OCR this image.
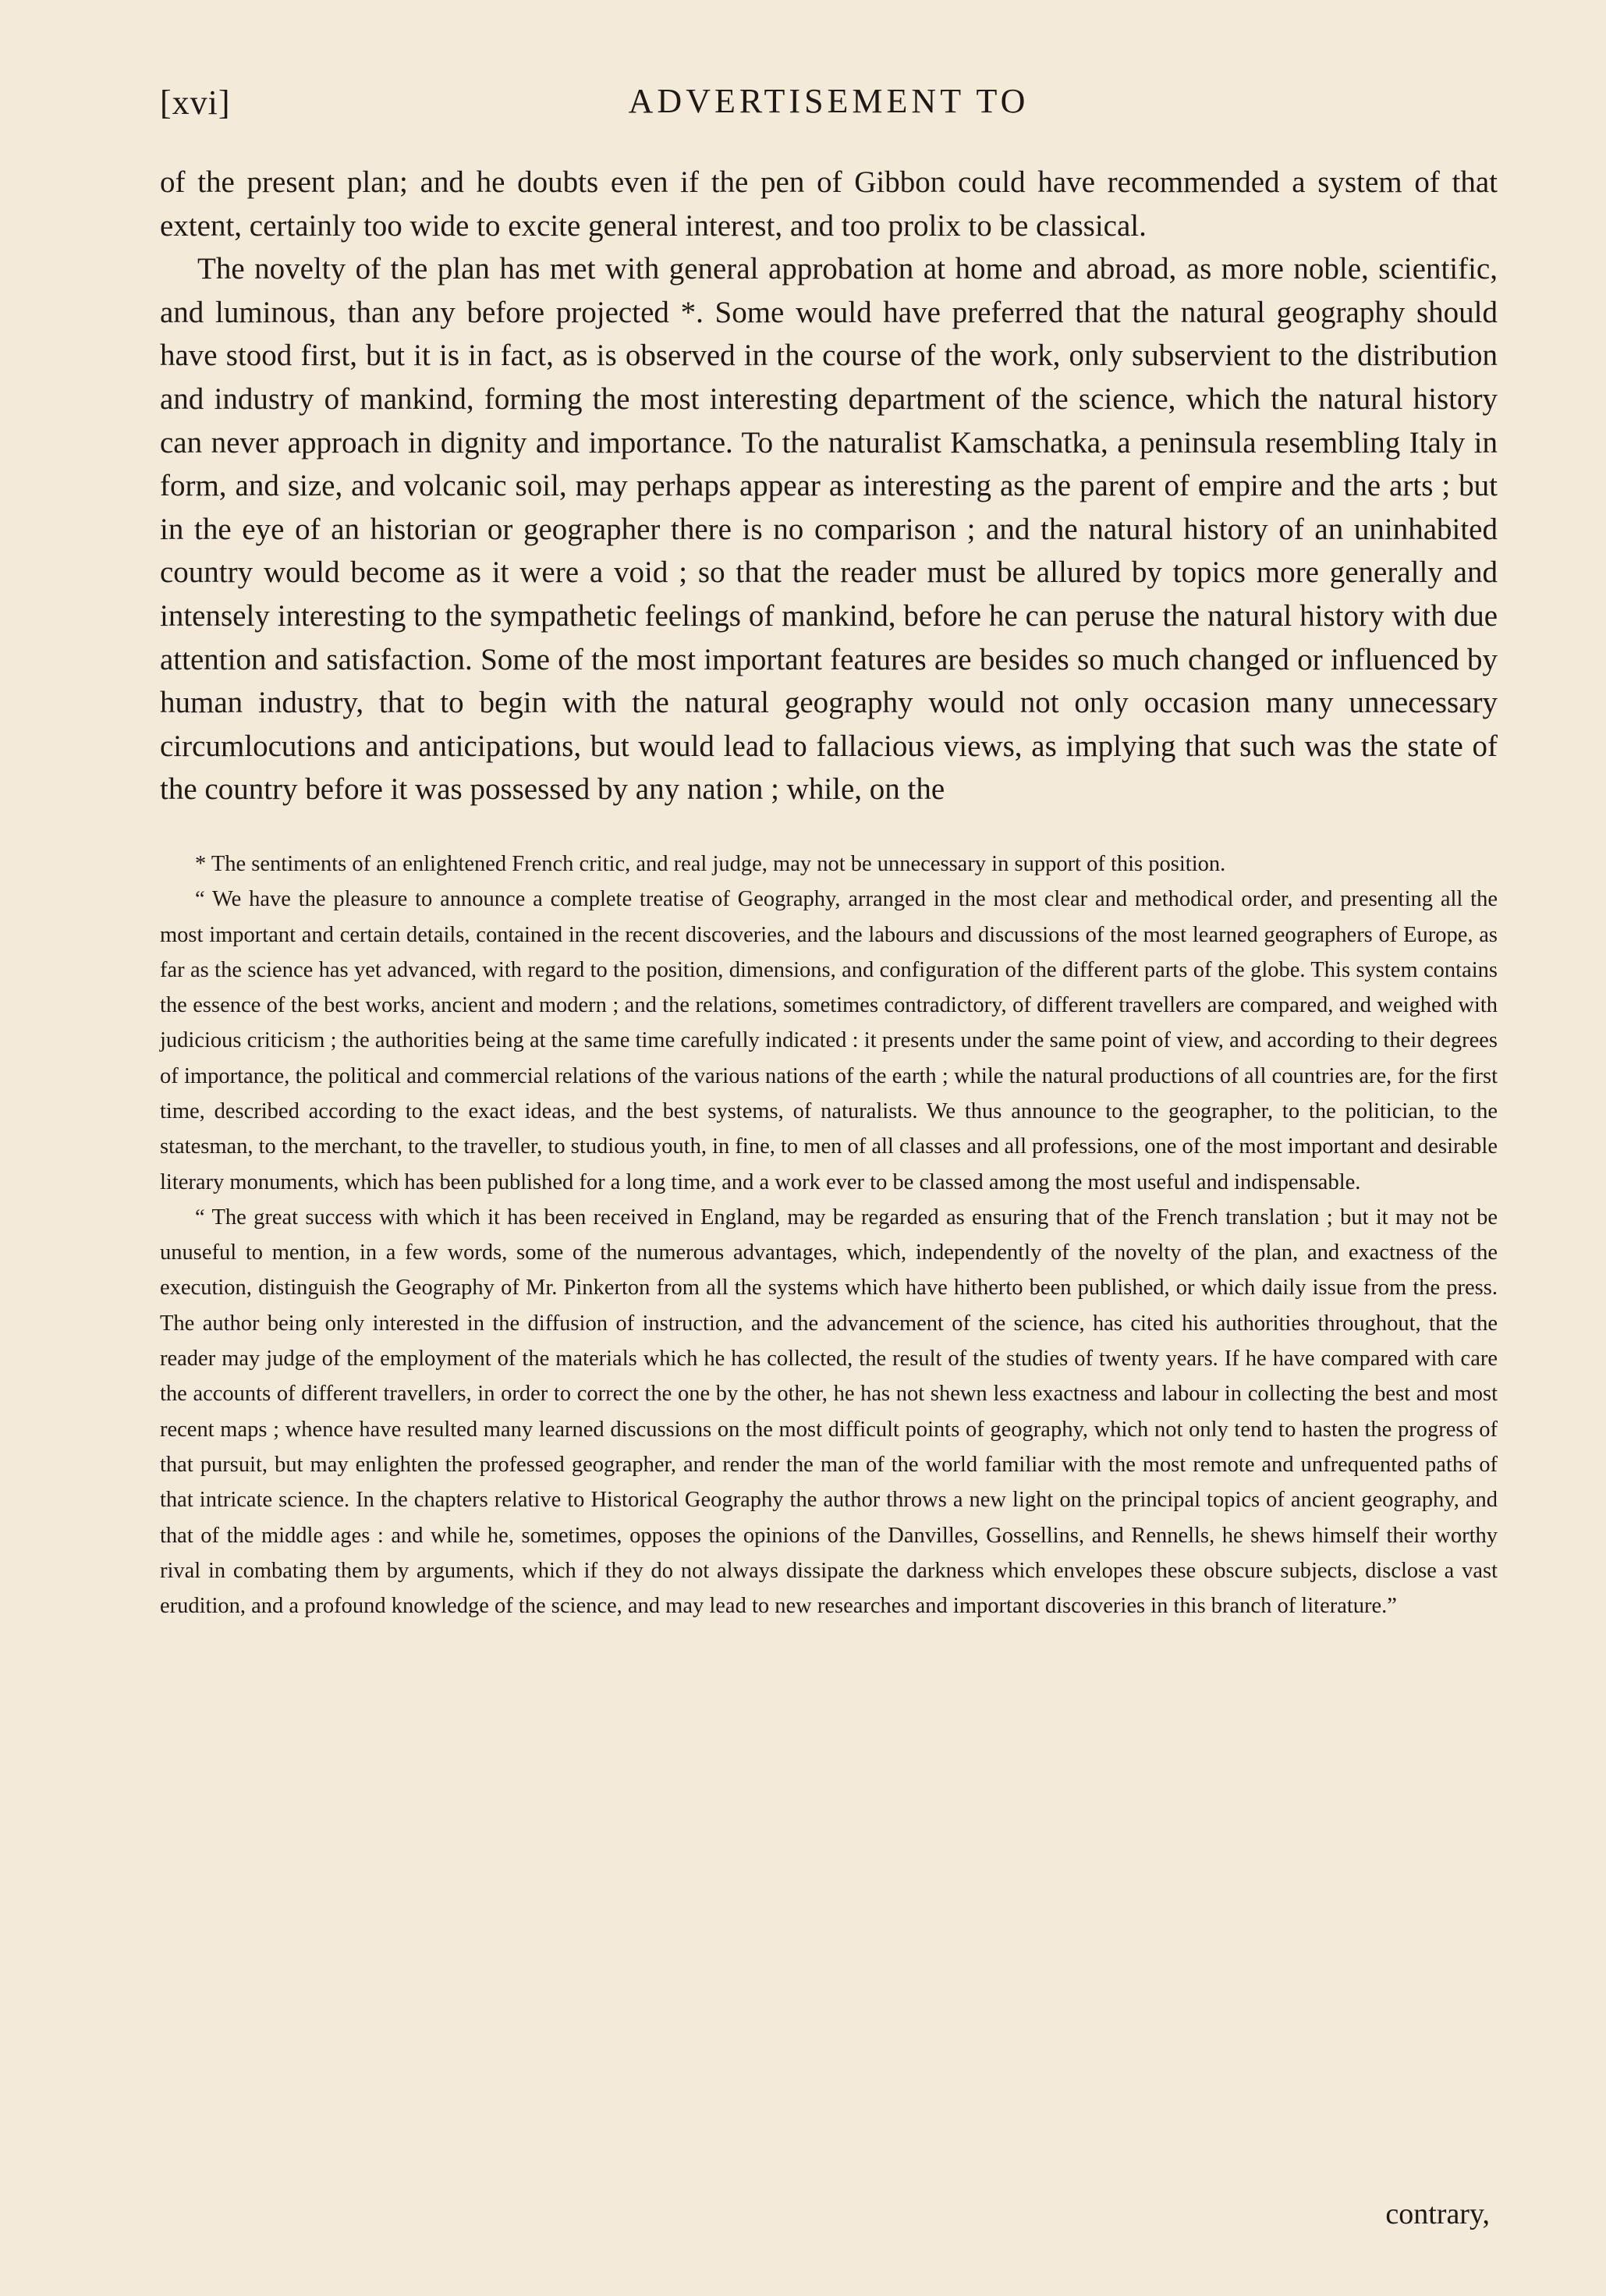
[xvi]	ADVERTISEMENT TO

of the present plan; and he doubts even if the pen of Gibbon could have recommended a system of that extent, certainly too wide to excite general interest, and too prolix to be classical.

The novelty of the plan has met with general approbation at home and abroad, as more noble, scientific, and luminous, than any before projected *. Some would have preferred that the natural geography should have stood first, but it is in fact, as is observed in the course of the work, only subservient to the distribution and industry of mankind, forming the most interesting department of the science, which the natural history can never approach in dignity and importance. To the naturalist Kamschatka, a peninsula resembling Italy in form, and size, and volcanic soil, may perhaps appear as interesting as the parent of empire and the arts ; but in the eye of an historian or geographer there is no comparison ; and the natural history of an uninhabited country would become as it were a void ; so that the reader must be allured by topics more generally and intensely interesting to the sympathetic feelings of mankind, before he can peruse the natural history with due attention and satisfaction. Some of the most important features are besides so much changed or influenced by human industry, that to begin with the natural geography would not only occasion many unnecessary circumlocutions and anticipations, but would lead to fallacious views, as implying that such was the state of the country before it was possessed by any nation ; while, on the

* The sentiments of an enlightened French critic, and real judge, may not be unnecessary in support of this position.

“ We have the pleasure to announce a complete treatise of Geography, arranged in the most clear and methodical order, and presenting all the most important and certain details, contained in the recent discoveries, and the labours and discussions of the most learned geographers of Europe, as far as the science has yet advanced, with regard to the position, dimensions, and configuration of the different parts of the globe. This system contains the essence of the best works, ancient and modern ; and the relations, sometimes contradictory, of different travellers are compared, and weighed with judicious criticism ; the authorities being at the same time carefully indicated : it presents under the same point of view, and according to their degrees of importance, the political and commercial relations of the various nations of the earth ; while the natural productions of all countries are, for the first time, described according to the exact ideas, and the best systems, of naturalists. We thus announce to the geographer, to the politician, to the statesman, to the merchant, to the traveller, to studious youth, in fine, to men of all classes and all professions, one of the most important and desirable literary monuments, which has been published for a long time, and a work ever to be classed among the most useful and indispensable.

“ The great success with which it has been received in England, may be regarded as ensuring that of the French translation ; but it may not be unuseful to mention, in a few words, some of the numerous advantages, which, independently of the novelty of the plan, and exactness of the execution, distinguish the Geography of Mr. Pinkerton from all the systems which have hitherto been published, or which daily issue from the press. The author being only interested in the diffusion of instruction, and the advancement of the science, has cited his authorities throughout, that the reader may judge of the employment of the materials which he has collected, the result of the studies of twenty years. If he have compared with care the accounts of different travellers, in order to correct the one by the other, he has not shewn less exactness and labour in collecting the best and most recent maps ; whence have resulted many learned discussions on the most difficult points of geography, which not only tend to hasten the progress of that pursuit, but may enlighten the professed geographer, and render the man of the world familiar with the most remote and unfrequented paths of that intricate science. In the chapters relative to Historical Geography the author throws a new light on the principal topics of ancient geography, and that of the middle ages : and while he, sometimes, opposes the opinions of the Danvilles, Gossellins, and Rennells, he shews himself their worthy rival in combating them by arguments, which if they do not always dissipate the darkness which envelopes these obscure subjects, disclose a vast erudition, and a profound knowledge of the science, and may lead to new researches and important discoveries in this branch of literature.”

contrary,
